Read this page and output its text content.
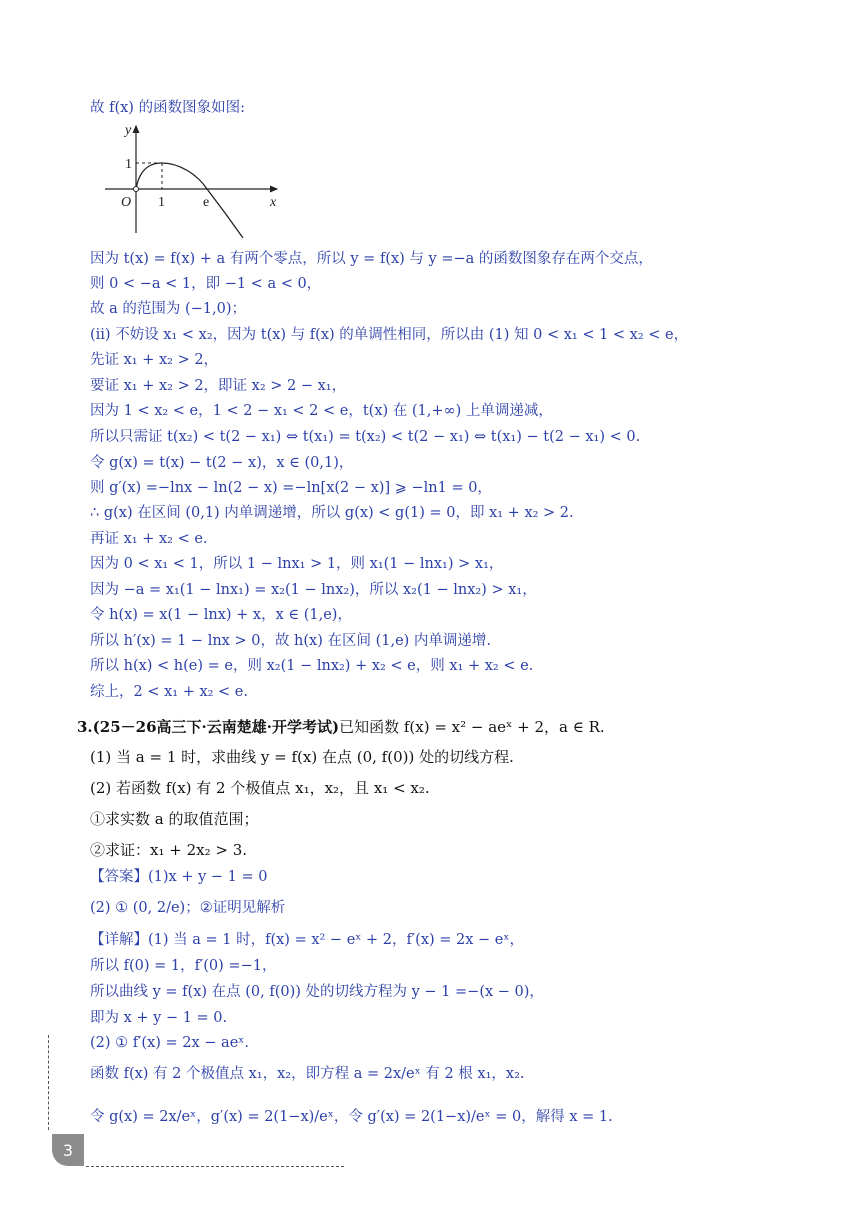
故 f(x) 的函数图象如图:
y
x
O
1
1	e
因为 t(x) = f(x) + a 有两个零点，所以 y = f(x) 与 y =−a 的函数图象存在两个交点，
则 0 < −a < 1，即 −1 < a < 0，
故 a 的范围为 (−1,0)；
(ii) 不妨设 x₁ < x₂，因为 t(x) 与 f(x) 的单调性相同，所以由 (1) 知 0 < x₁ < 1 < x₂ < e，
先证 x₁ + x₂ > 2，
要证 x₁ + x₂ > 2，即证 x₂ > 2 − x₁，
因为 1 < x₂ < e，1 < 2 − x₁ < 2 < e，t(x) 在 (1,+∞) 上单调递减，
所以只需证 t(x₂) < t(2 − x₁) ⇔ t(x₁) = t(x₂) < t(2 − x₁) ⇔ t(x₁) − t(2 − x₁) < 0.
令 g(x) = t(x) − t(2 − x)，x ∈ (0,1)，
则 g′(x) =−lnx − ln(2 − x) =−ln[x(2 − x)] ⩾ −ln1 = 0，
∴ g(x) 在区间 (0,1) 内单调递增，所以 g(x) < g(1) = 0，即 x₁ + x₂ > 2.
再证 x₁ + x₂ < e.
因为 0 < x₁ < 1，所以 1 − lnx₁ > 1，则 x₁(1 − lnx₁) > x₁，
因为 −a = x₁(1 − lnx₁) = x₂(1 − lnx₂)，所以 x₂(1 − lnx₂) > x₁，
令 h(x) = x(1 − lnx) + x，x ∈ (1,e)，
所以 h′(x) = 1 − lnx > 0，故 h(x) 在区间 (1,e) 内单调递增.
所以 h(x) < h(e) = e，则 x₂(1 − lnx₂) + x₂ < e，则 x₁ + x₂ < e.
综上，2 < x₁ + x₂ < e.
3.(25－26高三下·云南楚雄·开学考试)已知函数 f(x) = x² − aeˣ + 2，a ∈ R.
(1) 当 a = 1 时，求曲线 y = f(x) 在点 (0, f(0)) 处的切线方程.
(2) 若函数 f(x) 有 2 个极值点 x₁，x₂，且 x₁ < x₂.
①求实数 a 的取值范围；
②求证：x₁ + 2x₂ > 3.
【答案】(1)x + y − 1 = 0
(2) ① (0, 2/e)；②证明见解析
【详解】(1) 当 a = 1 时，f(x) = x² − eˣ + 2，f′(x) = 2x − eˣ，
所以 f(0) = 1，f′(0) =−1，
所以曲线 y = f(x) 在点 (0, f(0)) 处的切线方程为 y − 1 =−(x − 0)，
即为 x + y − 1 = 0.
(2) ① f′(x) = 2x − aeˣ.
函数 f(x) 有 2 个极值点 x₁，x₂，即方程 a = 2x/eˣ 有 2 根 x₁，x₂.
令 g(x) = 2x/eˣ，g′(x) = 2(1−x)/eˣ，令 g′(x) = 2(1−x)/eˣ = 0，解得 x = 1.
3
